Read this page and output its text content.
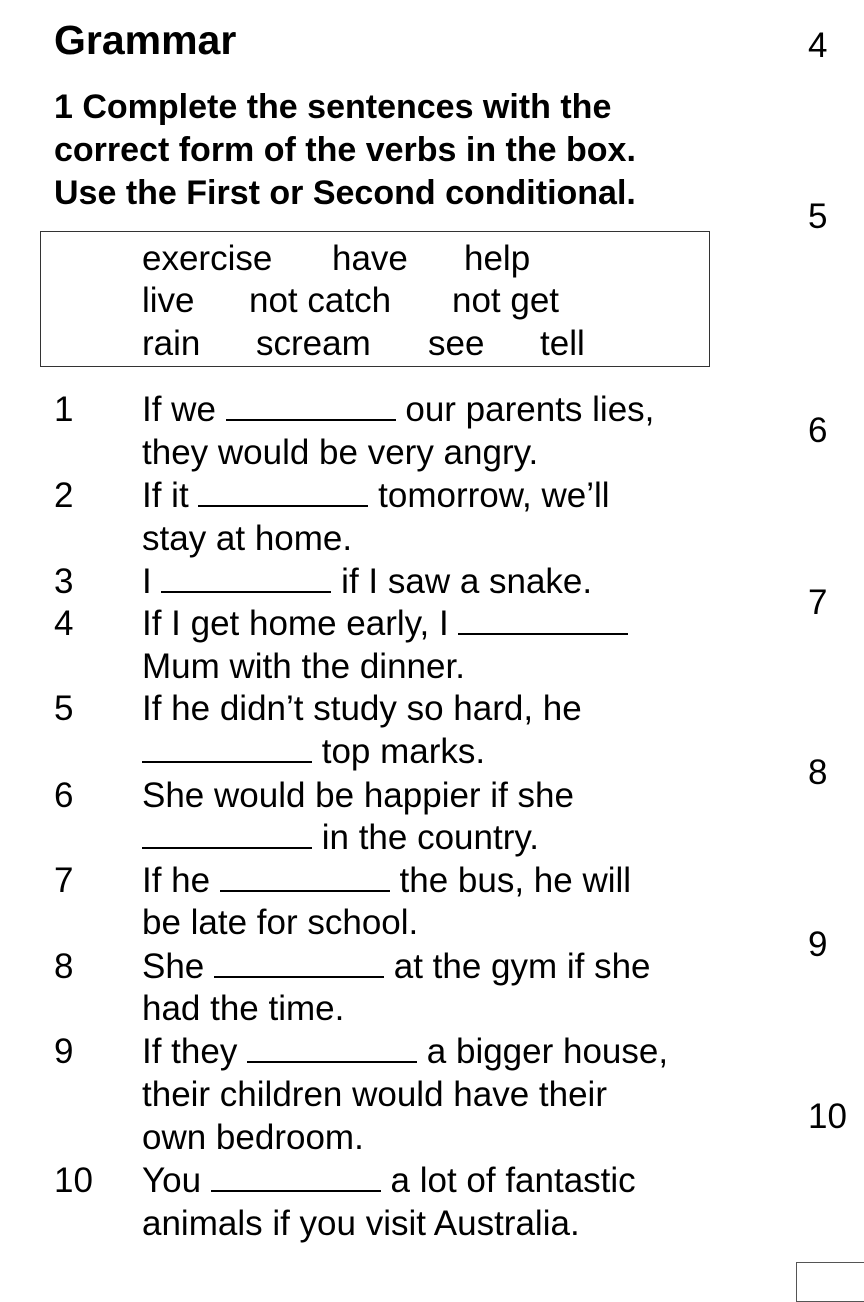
Grammar
1 Complete the sentences with the
correct form of the verbs in the box.
Use the First or Second conditional.
exercise have help
live not catch not get
rain scream see tell
1 If we	our parents lies,
they would be very angry.
2 If it	tomorrow, we’ll
stay at home.
3 I	if I saw a snake.
4 If I get home early, I
Mum with the dinner.
5 If he didn’t study so hard, he
top marks.
6 She would be happier if she
in the country.
7 If he	the bus, he will
be late for school.
8 She	at the gym if she
had the time.
9 If they	a bigger house,
their children would have their
own bedroom.
10 You	a lot of fantastic
animals if you visit Australia.
4
5
6
7
8
9
10
